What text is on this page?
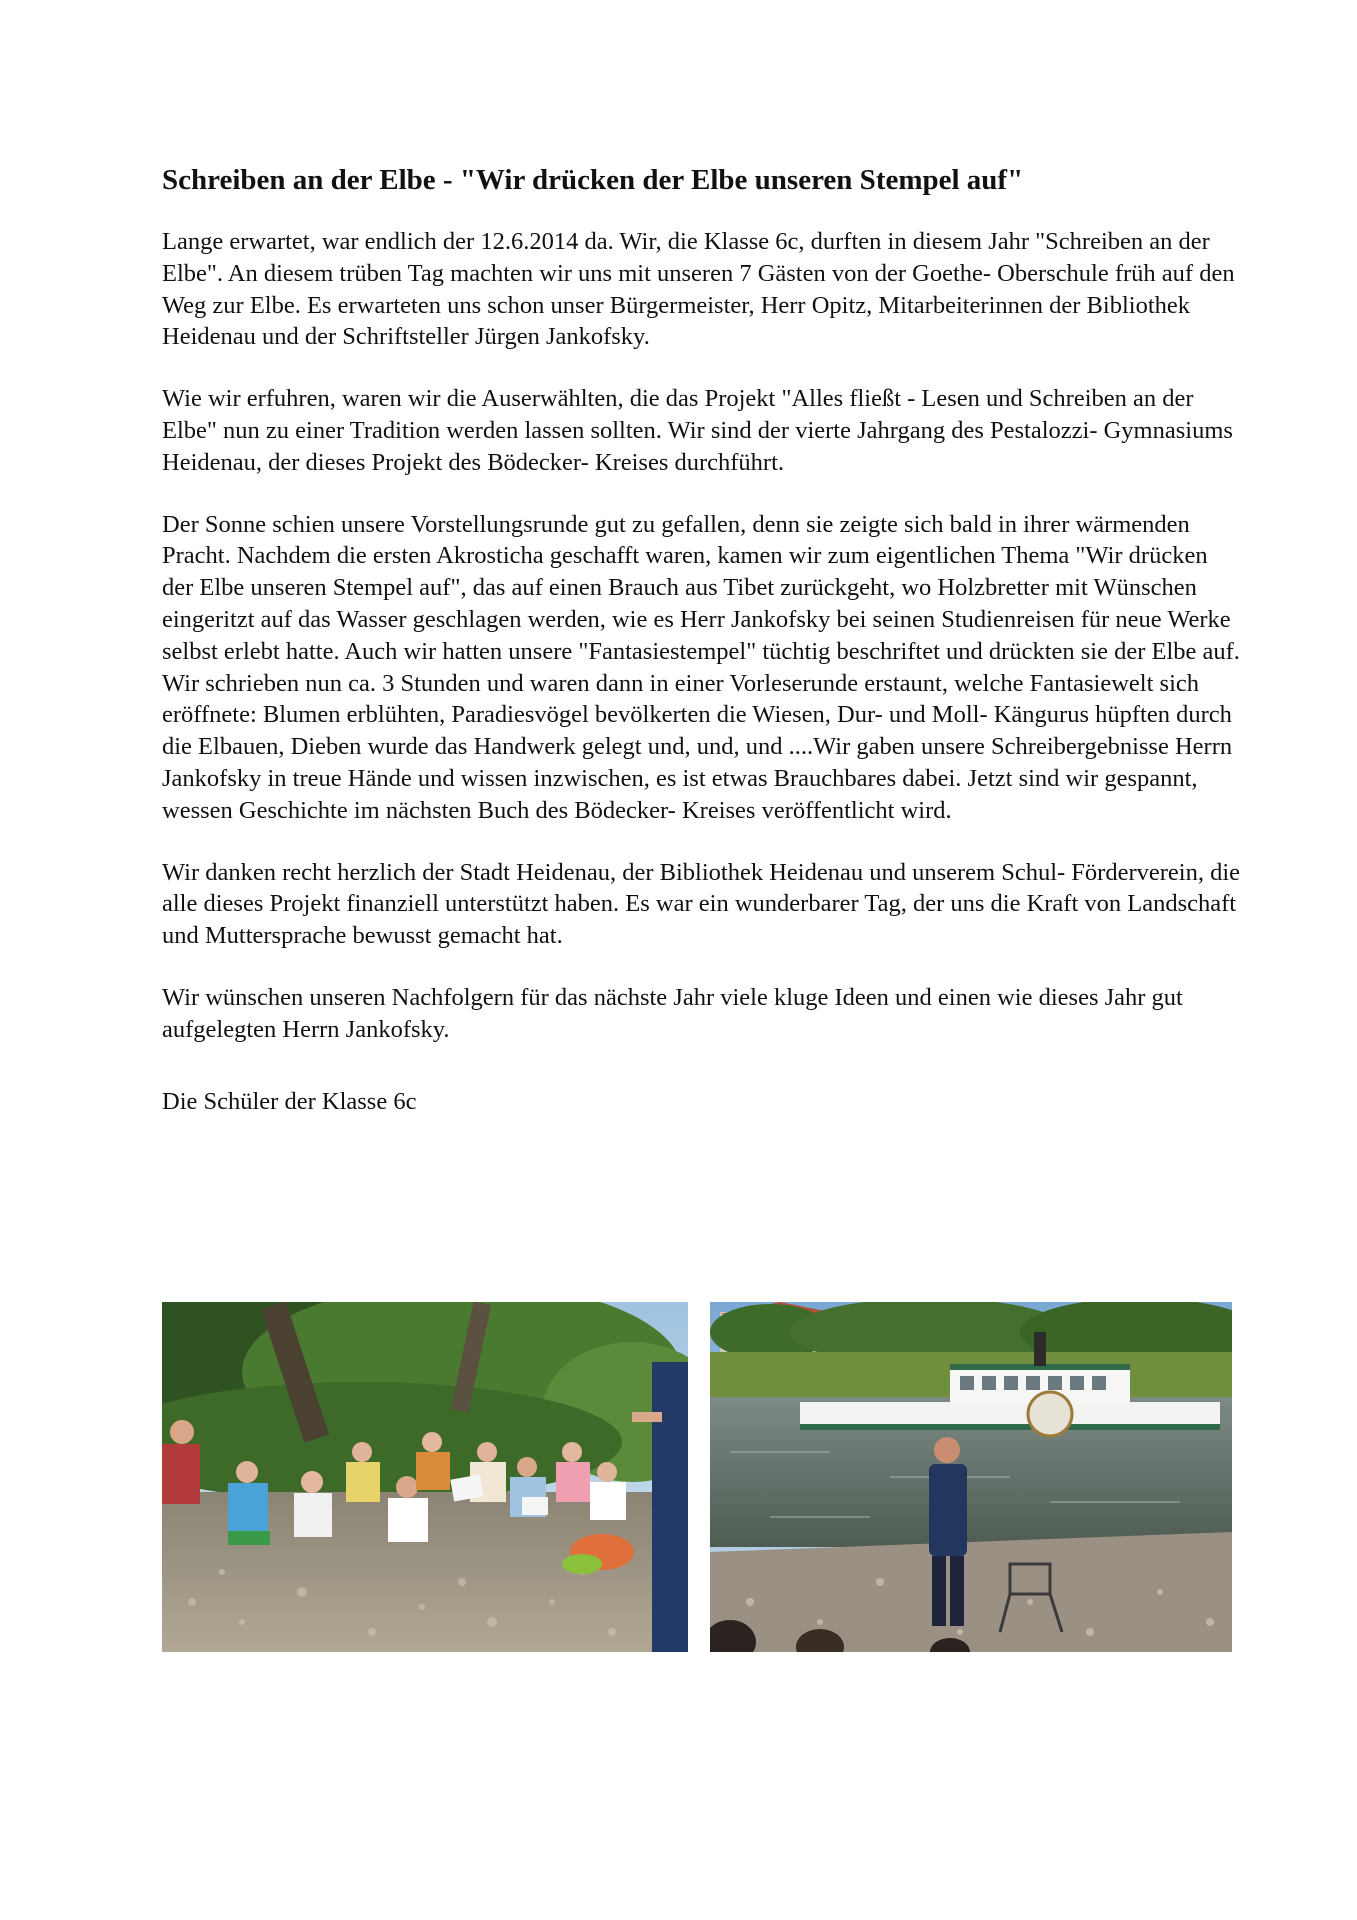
Schreiben an der Elbe - "Wir drücken der Elbe unseren Stempel auf"

Lange erwartet, war endlich der 12.6.2014 da. Wir, die Klasse 6c, durften in diesem Jahr "Schreiben an der Elbe". An diesem trüben Tag machten wir uns mit unseren 7 Gästen von der Goethe- Oberschule früh auf den Weg zur Elbe. Es erwarteten uns schon unser Bürgermeister, Herr Opitz, Mitarbeiterinnen der Bibliothek Heidenau und der Schriftsteller Jürgen Jankofsky.

Wie wir erfuhren, waren wir die Auserwählten, die das Projekt "Alles fließt - Lesen und Schreiben an der Elbe" nun zu einer Tradition werden lassen sollten. Wir sind der vierte Jahrgang des Pestalozzi- Gymnasiums Heidenau, der dieses Projekt des Bödecker- Kreises durchführt.

Der Sonne schien unsere Vorstellungsrunde gut zu gefallen, denn sie zeigte sich bald in ihrer wärmenden Pracht. Nachdem die ersten Akrosticha geschafft waren, kamen wir zum eigentlichen Thema "Wir drücken der Elbe unseren Stempel auf", das auf einen Brauch aus Tibet zurückgeht, wo Holzbretter mit Wünschen eingeritzt auf das Wasser geschlagen werden, wie es Herr Jankofsky bei seinen Studienreisen für neue Werke selbst erlebt hatte. Auch wir hatten unsere "Fantasiestempel" tüchtig beschriftet und drückten sie der Elbe auf. Wir schrieben nun ca. 3 Stunden und waren dann in einer Vorleserunde erstaunt, welche Fantasiewelt sich eröffnete: Blumen erblühten, Paradiesvögel bevölkerten die Wiesen, Dur- und Moll- Kängurus hüpften durch die Elbauen, Dieben wurde das Handwerk gelegt und, und, und ....Wir gaben unsere Schreibergebnisse Herrn Jankofsky in treue Hände und wissen inzwischen, es ist etwas Brauchbares dabei. Jetzt sind wir gespannt, wessen Geschichte im nächsten Buch des Bödecker- Kreises veröffentlicht wird.

Wir danken recht herzlich der Stadt Heidenau, der Bibliothek Heidenau und unserem Schul- Förderverein, die alle dieses Projekt finanziell unterstützt haben. Es war ein wunderbarer Tag, der uns die Kraft von Landschaft und Muttersprache bewusst gemacht hat.

Wir wünschen unseren Nachfolgern für das nächste Jahr viele kluge Ideen und einen wie dieses Jahr gut aufgelegten Herrn Jankofsky.

Die Schüler der Klasse 6c
